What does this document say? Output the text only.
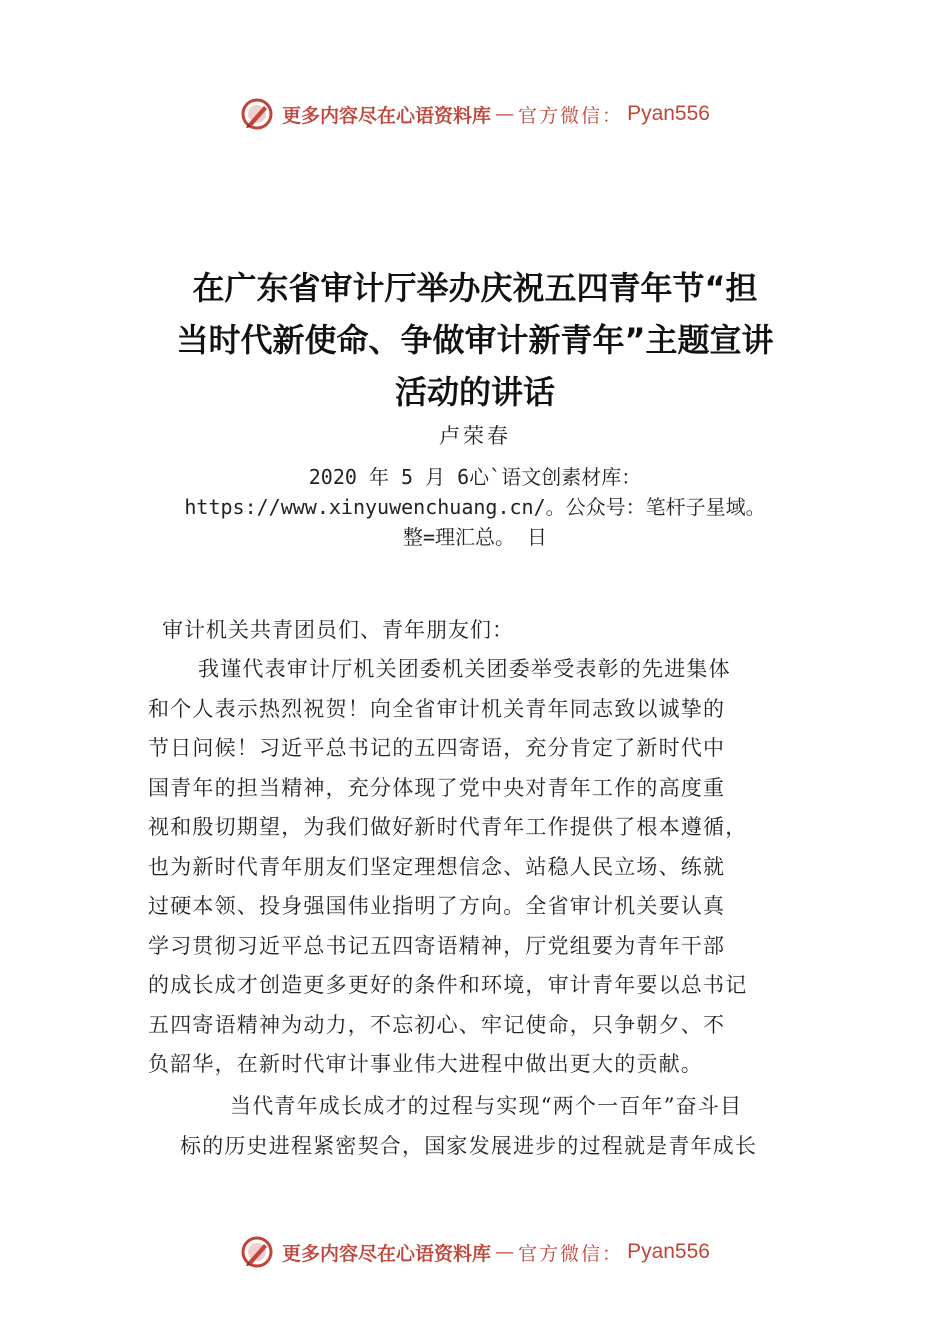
更多内容尽在心语资料库 — 官方微信： Pyan556
在广东省审计厅举办庆祝五四青年节“担
当时代新使命、争做审计新青年”主题宣讲
活动的讲话
卢荣春
2020 年 5 月 6心`语文创素材库：
https://www.xinyuwenchuang.cn/。公众号：笔杆子星域。
整=理汇总。 日
审计机关共青团员们、青年朋友们：
我谨代表审计厅机关团委机关团委举受表彰的先进集体
和个人表示热烈祝贺！向全省审计机关青年同志致以诚挚的
节日问候！习近平总书记的五四寄语，充分肯定了新时代中
国青年的担当精神，充分体现了党中央对青年工作的高度重
视和殷切期望，为我们做好新时代青年工作提供了根本遵循，
也为新时代青年朋友们坚定理想信念、站稳人民立场、练就
过硬本领、投身强国伟业指明了方向。全省审计机关要认真
学习贯彻习近平总书记五四寄语精神，厅党组要为青年干部
的成长成才创造更多更好的条件和环境，审计青年要以总书记
五四寄语精神为动力，不忘初心、牢记使命，只争朝夕、不
负韶华，在新时代审计事业伟大进程中做出更大的贡献。
当代青年成长成才的过程与实现“两个一百年”奋斗目
标的历史进程紧密契合，国家发展进步的过程就是青年成长
更多内容尽在心语资料库 — 官方微信： Pyan556
